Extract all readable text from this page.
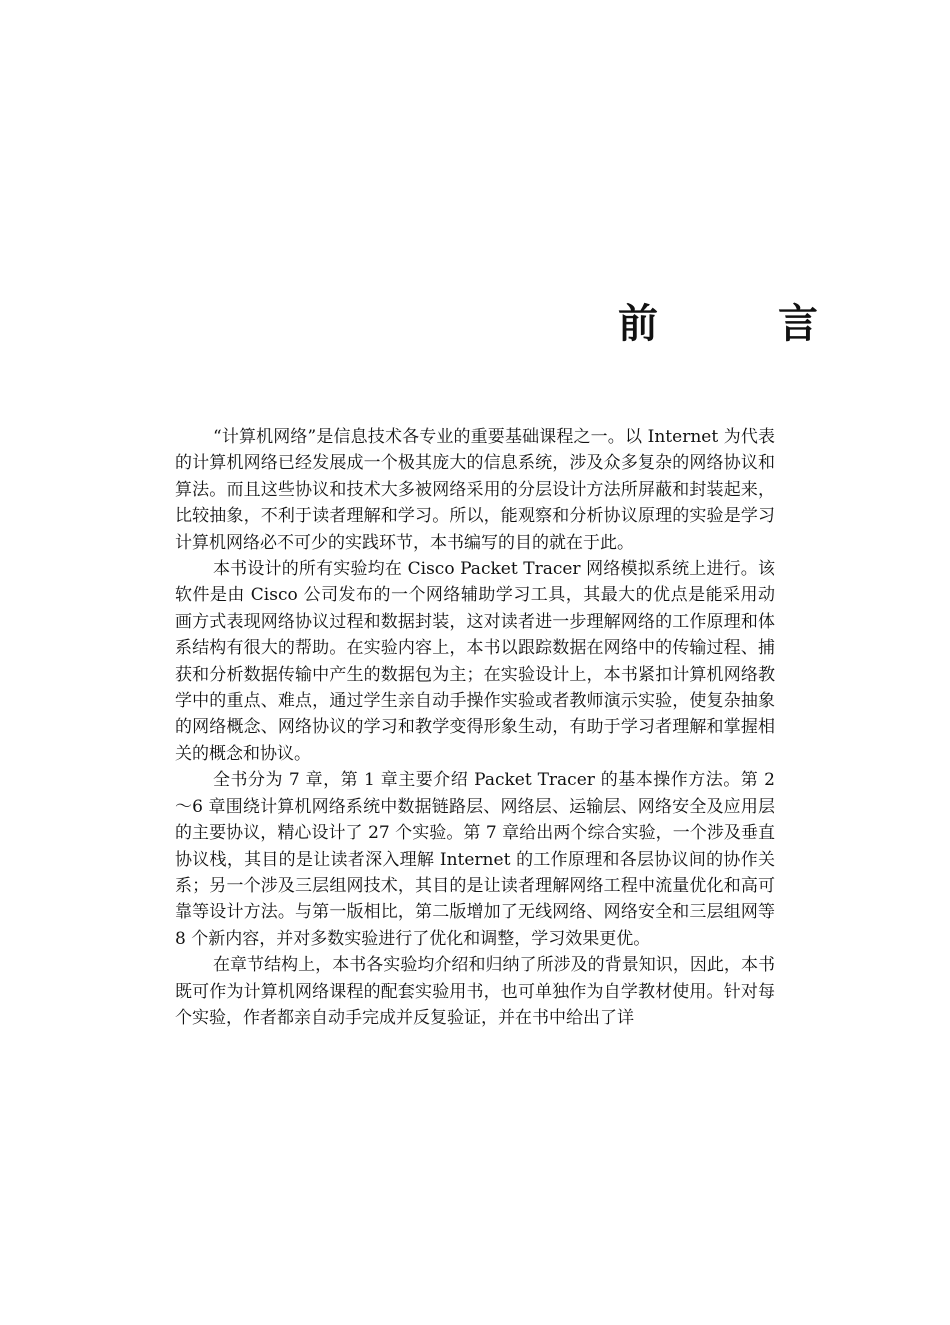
前　言

“计算机网络”是信息技术各专业的重要基础课程之一。以 Internet 为代表的计算机网络已经发展成一个极其庞大的信息系统，涉及众多复杂的网络协议和算法。而且这些协议和技术大多被网络采用的分层设计方法所屏蔽和封装起来，比较抽象，不利于读者理解和学习。所以，能观察和分析协议原理的实验是学习计算机网络必不可少的实践环节，本书编写的目的就在于此。

本书设计的所有实验均在 Cisco Packet Tracer 网络模拟系统上进行。该软件是由 Cisco 公司发布的一个网络辅助学习工具，其最大的优点是能采用动画方式表现网络协议过程和数据封装，这对读者进一步理解网络的工作原理和体系结构有很大的帮助。在实验内容上，本书以跟踪数据在网络中的传输过程、捕获和分析数据传输中产生的数据包为主；在实验设计上，本书紧扣计算机网络教学中的重点、难点，通过学生亲自动手操作实验或者教师演示实验，使复杂抽象的网络概念、网络协议的学习和教学变得形象生动，有助于学习者理解和掌握相关的概念和协议。

全书分为 7 章，第 1 章主要介绍 Packet Tracer 的基本操作方法。第 2～6 章围绕计算机网络系统中数据链路层、网络层、运输层、网络安全及应用层的主要协议，精心设计了 27 个实验。第 7 章给出两个综合实验，一个涉及垂直协议栈，其目的是让读者深入理解 Internet 的工作原理和各层协议间的协作关系；另一个涉及三层组网技术，其目的是让读者理解网络工程中流量优化和高可靠等设计方法。与第一版相比，第二版增加了无线网络、网络安全和三层组网等 8 个新内容，并对多数实验进行了优化和调整，学习效果更优。

在章节结构上，本书各实验均介绍和归纳了所涉及的背景知识，因此，本书既可作为计算机网络课程的配套实验用书，也可单独作为自学教材使用。针对每个实验，作者都亲自动手完成并反复验证，并在书中给出了详
